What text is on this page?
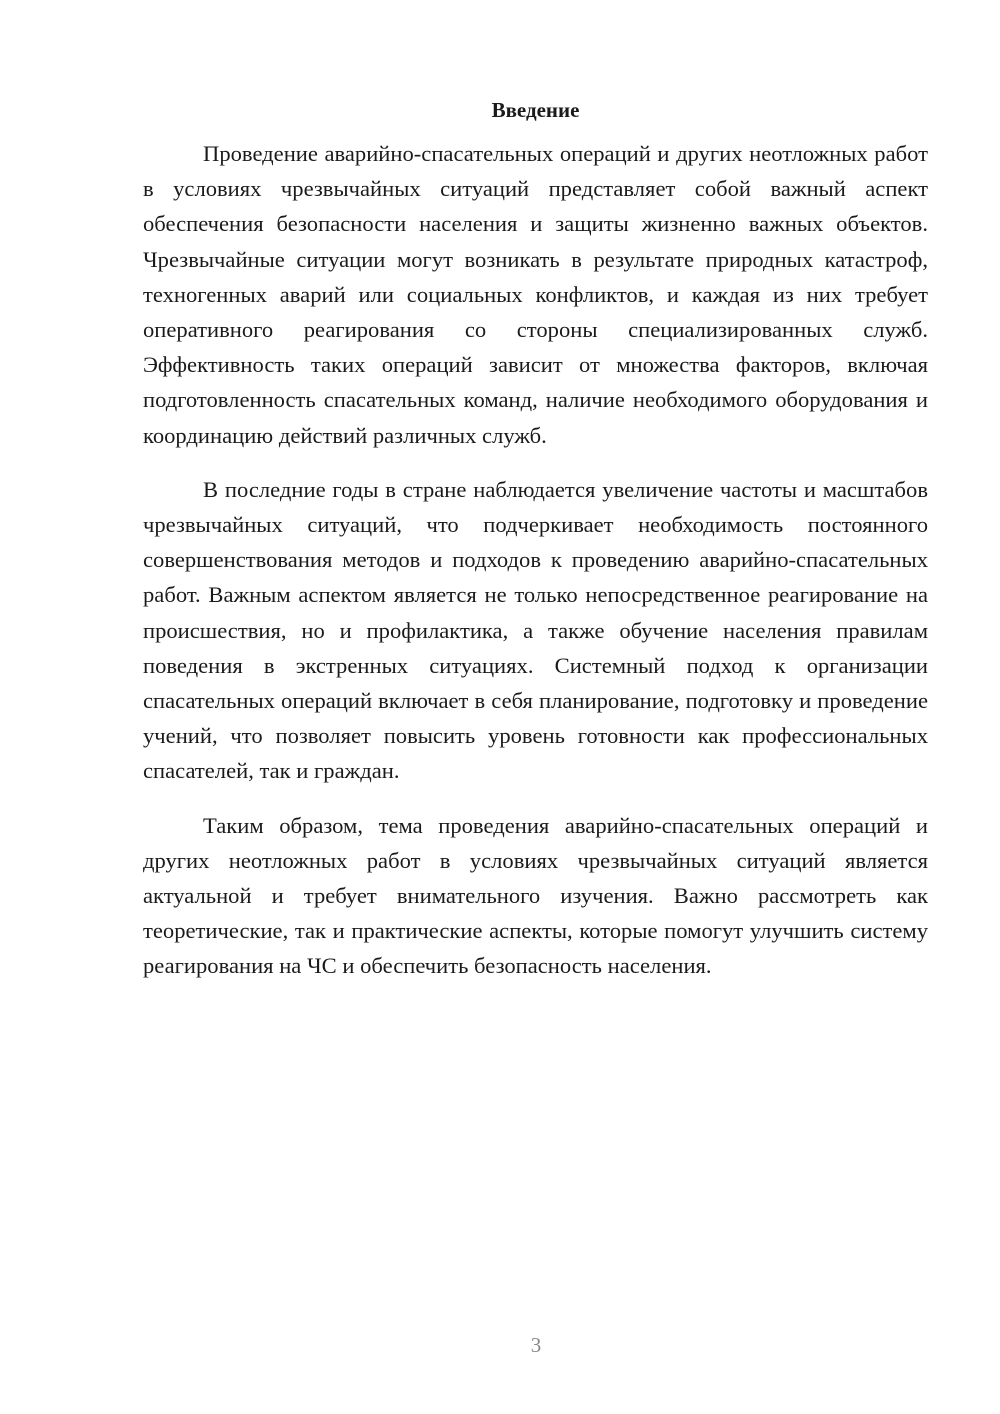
Введение

Проведение аварийно-спасательных операций и других неотложных работ в условиях чрезвычайных ситуаций представляет собой важный аспект обеспечения безопасности населения и защиты жизненно важных объектов. Чрезвычайные ситуации могут возникать в результате природных катастроф, техногенных аварий или социальных конфликтов, и каждая из них требует оперативного реагирования со стороны специализированных служб. Эффективность таких операций зависит от множества факторов, включая подготовленность спасательных команд, наличие необходимого оборудования и координацию действий различных служб.

В последние годы в стране наблюдается увеличение частоты и масштабов чрезвычайных ситуаций, что подчеркивает необходимость постоянного совершенствования методов и подходов к проведению аварийно-спасательных работ. Важным аспектом является не только непосредственное реагирование на происшествия, но и профилактика, а также обучение населения правилам поведения в экстренных ситуациях. Системный подход к организации спасательных операций включает в себя планирование, подготовку и проведение учений, что позволяет повысить уровень готовности как профессиональных спасателей, так и граждан.

Таким образом, тема проведения аварийно-спасательных операций и других неотложных работ в условиях чрезвычайных ситуаций является актуальной и требует внимательного изучения. Важно рассмотреть как теоретические, так и практические аспекты, которые помогут улучшить систему реагирования на ЧС и обеспечить безопасность населения.

3
